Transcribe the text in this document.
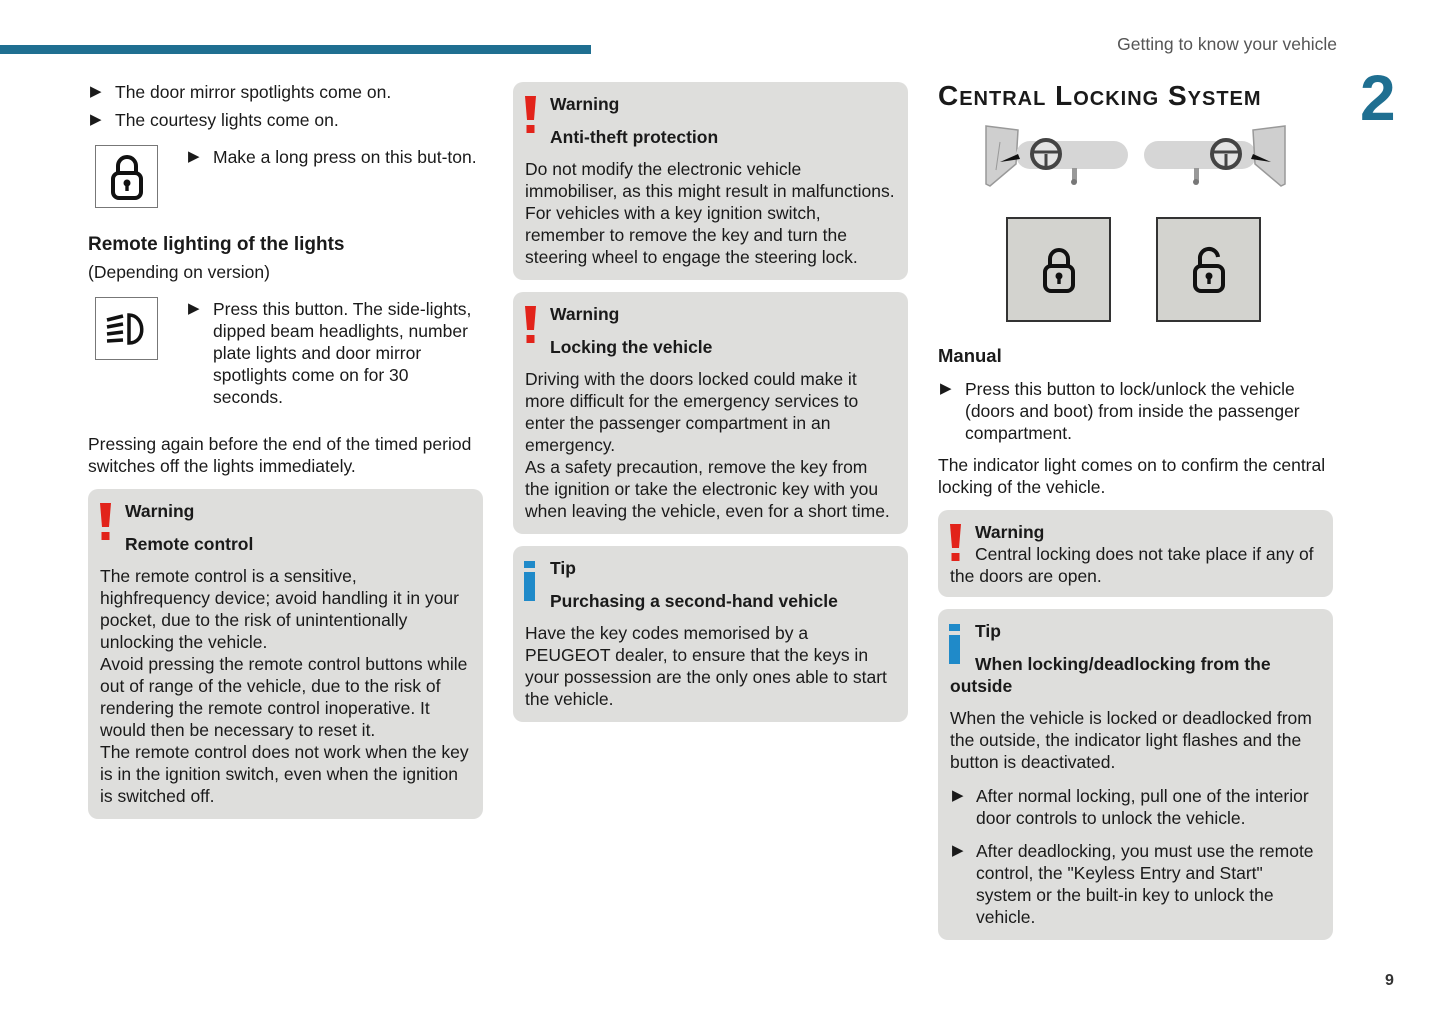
Getting to know your vehicle
2
9
▶ The door mirror spotlights come on.
▶ The courtesy lights come on.
▶ Make a long press on this but-ton.
Remote lighting of the lights
(Depending on version)
▶ Press this button. The side-lights, dipped beam headlights, number plate lights and door mirror spotlights come on for 30 seconds.
Pressing again before the end of the timed period switches off the lights immediately.
Warning
Remote control
The remote control is a sensitive, highfrequency device; avoid handling it in your pocket, due to the risk of unintentionally unlocking the vehicle.
Avoid pressing the remote control buttons while out of range of the vehicle, due to the risk of rendering the remote control inoperative. It would then be necessary to reset it.
The remote control does not work when the key is in the ignition switch, even when the ignition is switched off.
Warning
Anti-theft protection
Do not modify the electronic vehicle immobiliser, as this might result in malfunctions.
For vehicles with a key ignition switch, remember to remove the key and turn the steering wheel to engage the steering lock.
Warning
Locking the vehicle
Driving with the doors locked could make it more difficult for the emergency services to enter the passenger compartment in an emergency.
As a safety precaution, remove the key from the ignition or take the electronic key with you when leaving the vehicle, even for a short time.
Tip
Purchasing a second-hand vehicle
Have the key codes memorised by a PEUGEOT dealer, to ensure that the keys in your possession are the only ones able to start the vehicle.
Central Locking System
Manual
▶ Press this button to lock/unlock the vehicle (doors and boot) from inside the passenger compartment.
The indicator light comes on to confirm the central locking of the vehicle.
Warning
Central locking does not take place if any of the doors are open.
Tip
When locking/deadlocking from the outside
When the vehicle is locked or deadlocked from the outside, the indicator light flashes and the button is deactivated.
▶ After normal locking, pull one of the interior door controls to unlock the vehicle.
▶ After deadlocking, you must use the remote control, the "Keyless Entry and Start" system or the built-in key to unlock the vehicle.
